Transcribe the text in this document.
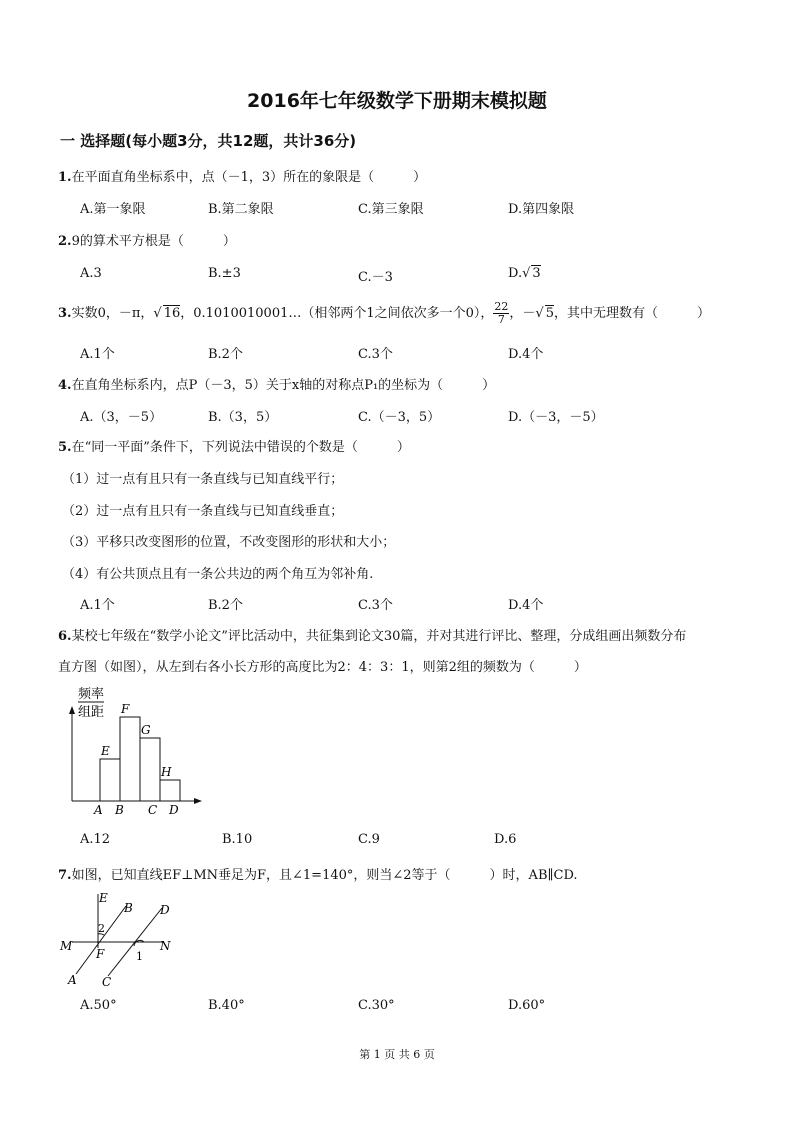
2016年七年级数学下册期末模拟题
一 选择题(每小题3分，共12题，共计36分)
1.在平面直角坐标系中，点（－1，3）所在的象限是（　　　）
A.第一象限	B.第二象限	C.第三象限	D.第四象限
2.9的算术平方根是（　　　）
A.3	B.±3	C.－3	D.√ 3
3.实数0，－π，√ 16，0.1010010001…（相邻两个1之间依次多一个0）， $\frac{22}{7}$ ，－√ 5，其中无理数有（　　　）
A.1个	B.2个	C.3个	D.4个
4.在直角坐标系内，点P（－3，5）关于x轴的对称点P₁的坐标为（　　　）
A.（3，－5）	B.（3，5）	C.（－3，5）	D.（－3，－5）
5.在“同一平面”条件下，下列说法中错误的个数是（　　　）
（1）过一点有且只有一条直线与已知直线平行；
（2）过一点有且只有一条直线与已知直线垂直；
（3）平移只改变图形的位置，不改变图形的形状和大小；
（4）有公共顶点且有一条公共边的两个角互为邻补角.
A.1个	B.2个	C.3个	D.4个
6.某校七年级在“数学小论文”评比活动中，共征集到论文30篇，并对其进行评比、整理，分成组画出频数分布
直方图（如图），从左到右各小长方形的高度比为2：4：3：1，则第2组的频数为（　　　）
频率
组距
E
F
G
H
A B C D
A.12	B.10	C.9	D.6
7.如图，已知直线EF⊥MN垂足为F，且∠1=140°，则当∠2等于（　　　）时，AB∥CD.
E
B D
M	N
F
A C
1
2
A.50°	B.40°	C.30°	D.60°
第 1 页 共 6 页
